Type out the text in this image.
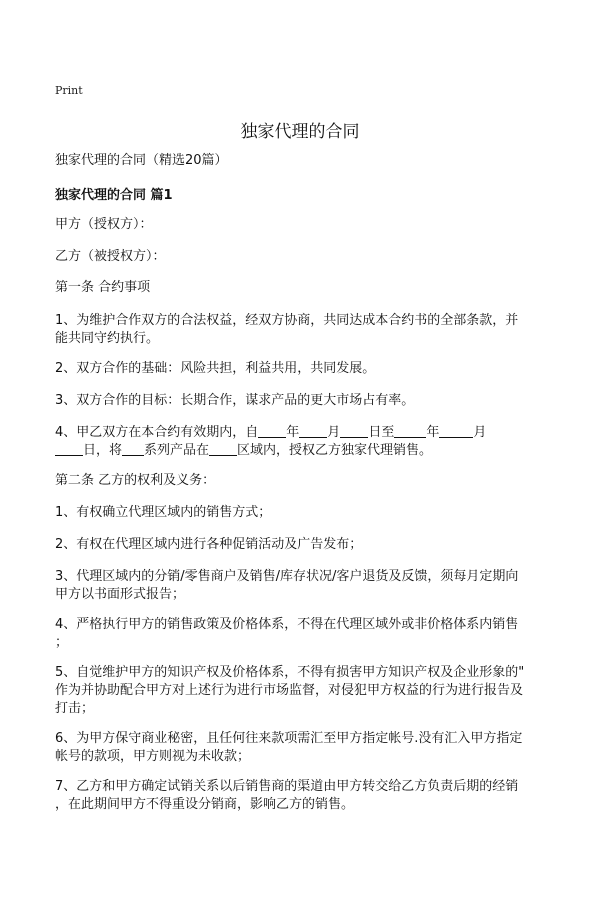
Print
独家代理的合同
独家代理的合同（精选20篇）
独家代理的合同 篇1
甲方（授权方）：
乙方（被授权方）：
第一条 合约事项
1、为维护合作双方的合法权益，经双方协商，共同达成本合约书的全部条款，并
能共同守约执行。
2、双方合作的基础：风险共担，利益共用，共同发展。
3、双方合作的目标：长期合作，谋求产品的更大市场占有率。
4、甲乙双方在本合约有效期内，自 年 月 日至 年	月
日，将 系列产品在 区域内，授权乙方独家代理销售。
第二条 乙方的权利及义务：
1、有权确立代理区域内的销售方式；
2、有权在代理区域内进行各种促销活动及广告发布；
3、代理区域内的分销/零售商户及销售/库存状况/客户退货及反馈，须每月定期向
甲方以书面形式报告；
4、严格执行甲方的销售政策及价格体系，不得在代理区域外或非价格体系内销售
；
5、自觉维护甲方的知识产权及价格体系，不得有损害甲方知识产权及企业形象的"
作为并协助配合甲方对上述行为进行市场监督，对侵犯甲方权益的行为进行报告及
打击；
6、为甲方保守商业秘密，且任何往来款项需汇至甲方指定帐号.没有汇入甲方指定
帐号的款项，甲方则视为未收款；
7、乙方和甲方确定试销关系以后销售商的渠道由甲方转交给乙方负责后期的经销
，在此期间甲方不得重设分销商，影响乙方的销售。
